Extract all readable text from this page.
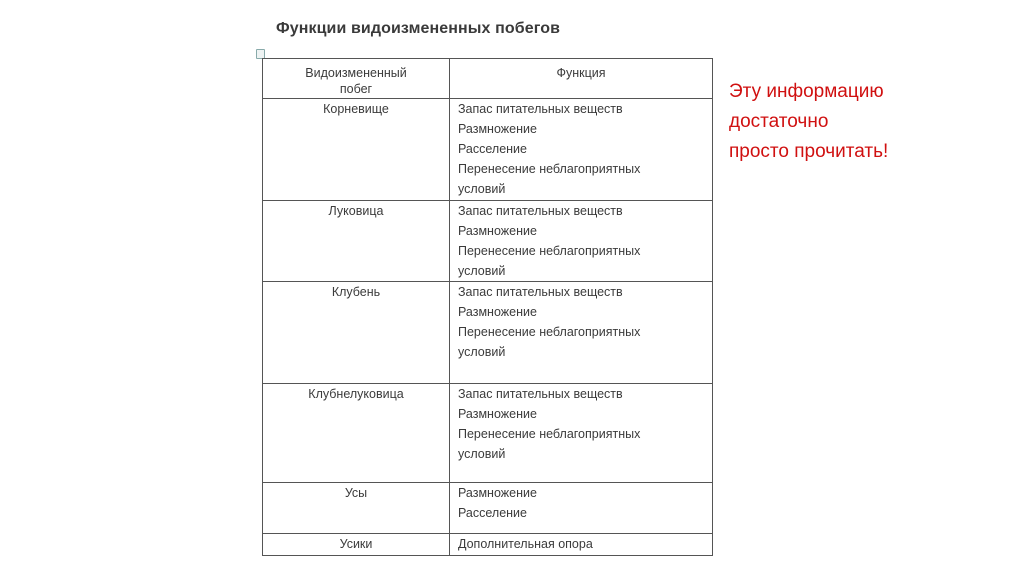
Функции видоизмененных побегов
Видоизмененный
побег	Функция
Корневище	Запас питательных веществ
Размножение
Расселение
Перенесение неблагоприятных
условий

Луковица	Запас питательных веществ
Размножение
Перенесение неблагоприятных
условий

Клубень	Запас питательных веществ
Размножение
Перенесение неблагоприятных
условий

Клубнелуковица	Запас питательных веществ
Размножение
Перенесение неблагоприятных
условий

Усы	Размножение
Расселение

Усики	Дополнительная опора
Эту информацию
достаточно
просто прочитать!
